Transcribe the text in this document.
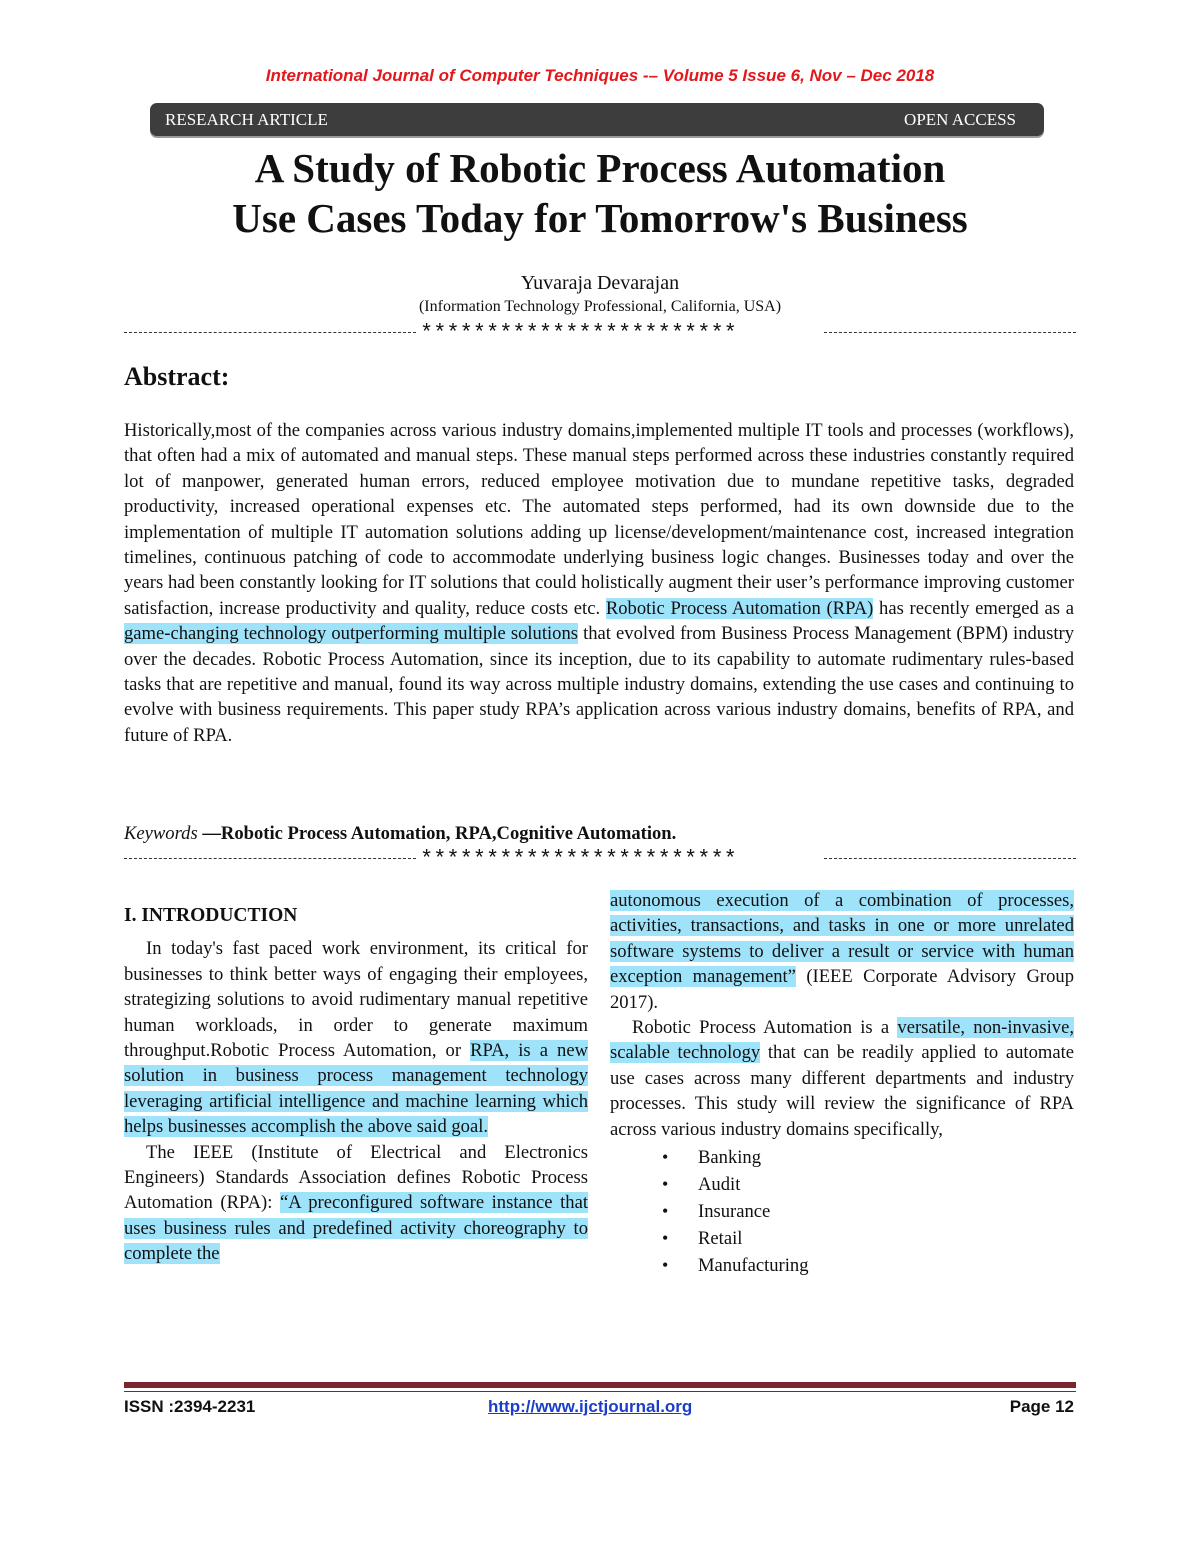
International Journal of Computer Techniques -– Volume 5 Issue 6, Nov – Dec 2018
RESEARCH ARTICLE	OPEN ACCESS
A Study of Robotic Process Automation
Use Cases Today for Tomorrow's Business
Yuvaraja Devarajan
(Information Technology Professional, California, USA)
************************
Abstract:
Historically,most of the companies across various industry domains,implemented multiple IT tools and processes (workflows), that often had a mix of automated and manual steps. These manual steps performed across these industries constantly required lot of manpower, generated human errors, reduced employee motivation due to mundane repetitive tasks, degraded productivity, increased operational expenses etc. The automated steps performed, had its own downside due to the implementation of multiple IT automation solutions adding up license/development/maintenance cost, increased integration timelines, continuous patching of code to accommodate underlying business logic changes. Businesses today and over the years had been constantly looking for IT solutions that could holistically augment their user’s performance improving customer satisfaction, increase productivity and quality, reduce costs etc. Robotic Process Automation (RPA) has recently emerged as a game-changing technology outperforming multiple solutions that evolved from Business Process Management (BPM) industry over the decades. Robotic Process Automation, since its inception, due to its capability to automate rudimentary rules-based tasks that are repetitive and manual, found its way across multiple industry domains, extending the use cases and continuing to evolve with business requirements. This paper study RPA’s application across various industry domains, benefits of RPA, and future of RPA.
Keywords —Robotic Process Automation, RPA,Cognitive Automation.
************************
I. INTRODUCTION

In today's fast paced work environment, its critical for businesses to think better ways of engaging their employees, strategizing solutions to avoid rudimentary manual repetitive human workloads, in order to generate maximum throughput.Robotic Process Automation, or RPA, is a new solution in business process management technology leveraging artificial intelligence and machine learning which helps businesses accomplish the above said goal.

The IEEE (Institute of Electrical and Electronics Engineers) Standards Association defines Robotic Process Automation (RPA): “A preconfigured software instance that uses business rules and predefined activity choreography to complete the

autonomous execution of a combination of processes, activities, transactions, and tasks in one or more unrelated software systems to deliver a result or service with human exception management” (IEEE Corporate Advisory Group 2017).

Robotic Process Automation is a versatile, non-invasive, scalable technology that can be readily applied to automate use cases across many different departments and industry processes. This study will review the significance of RPA across various industry domains specifically,

• Banking
• Audit
• Insurance
• Retail
• Manufacturing
ISSN :2394-2231	http://www.ijctjournal.org	Page 12
